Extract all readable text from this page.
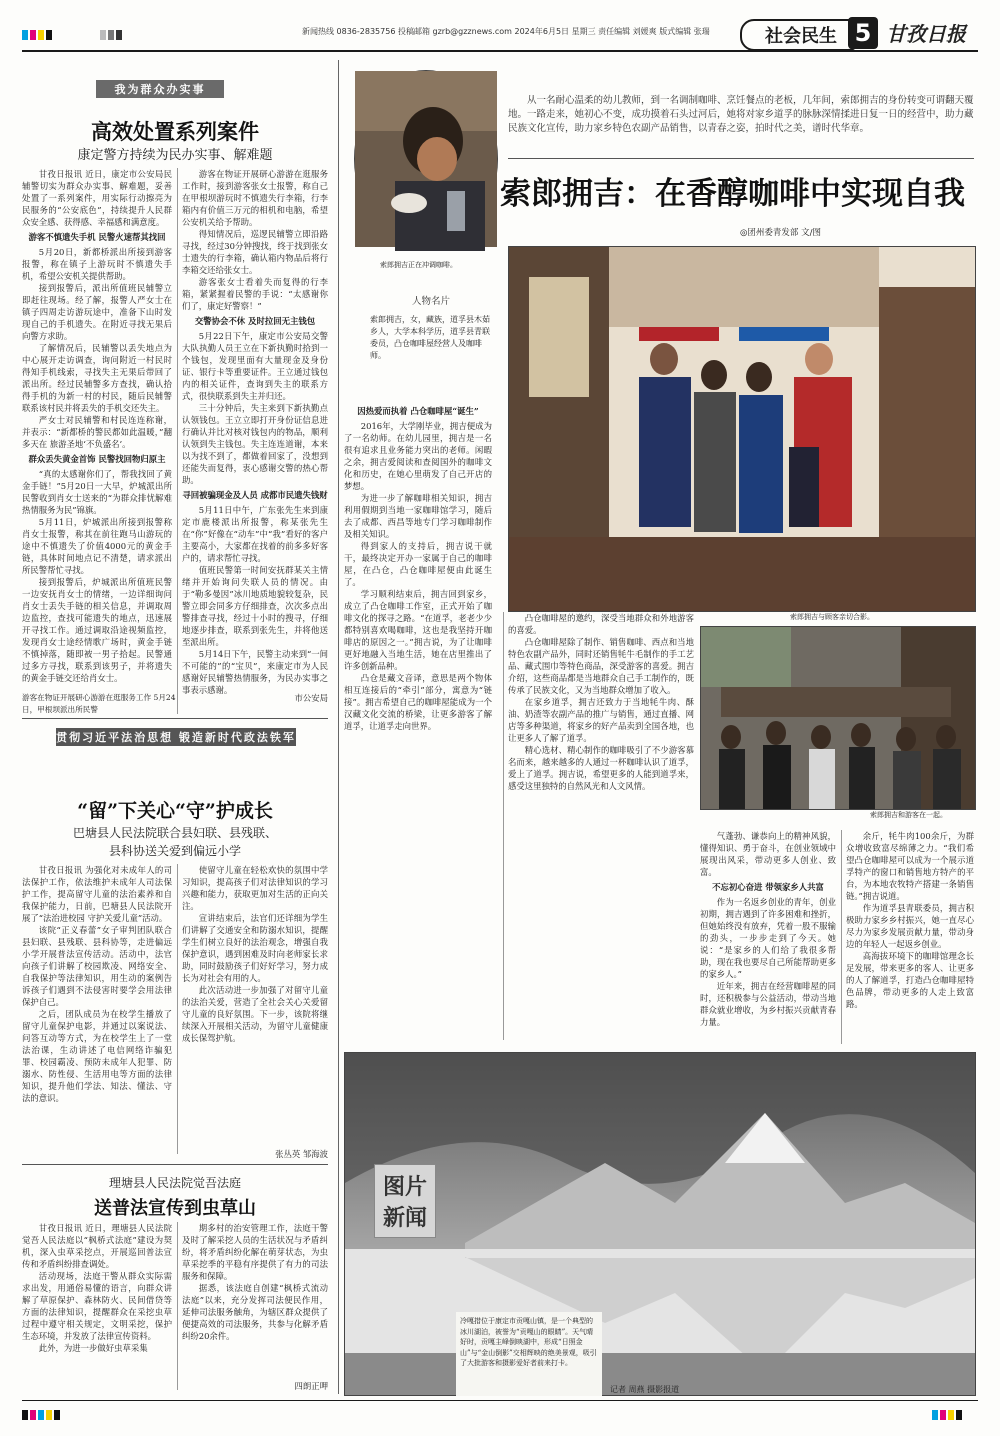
新闻热线 0836-2835756 投稿邮箱 gzrb@gzznews.com 2024年6月5日 星期三 责任编辑 刘媛爽 版式编辑 张瑞	社会民生 5 甘孜日报
我为群众办实事
高效处置系列案件
康定警方持续为民办实事、解难题

甘孜日报讯 近日，康定市公安局民辅警切实为群众办实事、解难题，妥善处置了一系列案件，用实际行动擦亮为民服务的“公安底色”，持续提升人民群众安全感、获得感、幸福感和满意度。

游客不慎遗失手机 民警火速帮其找回

5月20日，新都桥派出所接到游客报警，称在镇子上游玩时不慎遗失手机，希望公安机关提供帮助。

接到报警后，派出所值班民辅警立即赶往现场。经了解，报警人严女士在镇子四周走访游玩途中，准备下山时发现自己的手机遗失。在附近寻找无果后向警方求助。

了解情况后，民辅警以丢失地点为中心展开走访调查，询问附近一村民时得知手机线索，寻找失主无果后带回了派出所。经过民辅警多方查找，确认拾得手机的为新一村的村民，随后民辅警联系该村民并将丢失的手机交还失主。

严女士对民辅警和村民连连称谢，并表示：“新都桥的警民都如此温暖，”翻多天在 旅游圣地‘不负盛名’。

群众丢失黄金首饰 民警找回物归原主

“真的太感谢你们了，帮我找回了黄金手链！”5月20日一大早，炉城派出所民警收到肖女士送来的“为群众排忧解难 热情服务为民”锦旗。

5月11日，炉城派出所接到报警称肖女士报警，称其在前往跑马山游玩的途中不慎遗失了价值4000元的黄金手链，具体时间地点记不清楚，请求派出所民警帮忙寻找。

接到报警后，炉城派出所值班民警一边安抚肖女士的情绪，一边详细询问肖女士丢失手链的相关信息，并调取周边监控，查找可能遗失的地点，迅速展开寻找工作。通过调取沿途视频监控，发现肖女士途经情歌广场时，黄金手链不慎掉落，随即被一男子拾起。民警通过多方寻找，联系到该男子，并将遗失的黄金手链交还给肖女士。

游客在物证开展研心游游在逛服务工作时，接到游客张女士报警，称自己在甲根坝游玩时不慎遗失行李箱，行李箱内有价值三万元的相机和电脑，希望公安机关给予帮助。

得知情况后，巡逻民辅警立即沿路寻找，经过30分钟搜找，终于找到张女士遗失的行李箱，确认箱内物品后将行李箱交还给张女士。

游客张女士看着失而复得的行李箱，紧紧握着民警的手说：“太感谢你们了，康定好警察！”

交警协会不休 及时拉回无主钱包

5月22日下午，康定市公安局交警大队执勤人员王立在下新执勤时拾到一个钱包，发现里面有大量现金及身份证、银行卡等重要证件。王立通过钱包内的相关证件，查询到失主的联系方式，很快联系到失主并归还。

三十分钟后，失主来到下新执勤点认领钱包。王立立即打开身份证信息进行确认并比对核对钱包内的物品，顺利认领到失主钱包。失主连连道谢，本来以为找不到了，都做着回家了，没想到还能失而复得，衷心感谢交警的热心帮助。

寻回被骗现金及人员 成都市民遗失钱财

5月11日中午，广东张先生来到康定市鹿楼派出所报警，称某张先生在“你”好像在“动车”中“我”看好的客户主要高小，大家都在找着的前多多好客户的，请求帮忙寻找。

值班民警第一时间安抚群某关主情绪并开始询问失联人员的情况。由于“勒多曼因”冰川地质地貌较复杂，民警立即会同多方仔细排查，次次多点出警排查寻找，经过十小时的搜寻，仔细地逐步排查，联系到张先生，并将他送至派出所。

5月14日下午，民警主动来到“一间不可能的”的“宝贝”，来康定市为人民感谢好民辅警热情服务，为民办实事之事表示感谢。

游客在物证开展研心游游在逛服务工作 5月24日，甲根坝派出所民警

市公安局

贯彻习近平法治思想 锻造新时代政法铁军
“留”下关心“守”护成长
巴塘县人民法院联合县妇联、县残联、
县科协送关爱到偏远小学

甘孜日报讯 为强化对未成年人的司法保护工作，依法维护未成年人司法保护工作，提高留守儿童的法治素养和自我保护能力，日前，巴塘县人民法院开展了“法治进校园 守护关爱儿童”活动。

该院“正义春蕾”女子审判团队联合县妇联、县残联、县科协等，走进偏远小学开展普法宣传活动。活动中，法官向孩子们讲解了校园欺凌、网络安全、自我保护等法律知识，用生动的案例告诉孩子们遇到不法侵害时要学会用法律保护自己。

之后，团队成员为在校学生播放了留守儿童保护电影，并通过以案说法、问答互动等方式，为在校学生上了一堂法治课，生动讲述了电信网络诈骗犯罪、校园霸凌、预防未成年人犯罪、防溺水、防性侵、生活用电等方面的法律知识，提升他们学法、知法、懂法、守法的意识。

使留守儿童在轻松欢快的氛围中学习知识，提高孩子们对法律知识的学习兴趣和能力，获取更加对生活的正向关注。

宣讲结束后，法官们还详细为学生们讲解了交通安全和防溺水知识，提醒学生们树立良好的法治观念，增强自我保护意识，遇到困难及时向老师家长求助，同时鼓励孩子们好好学习，努力成长为对社会有用的人。

此次活动进一步加强了对留守儿童的法治关爱，营造了全社会关心关爱留守儿童的良好氛围。下一步，该院将继续深入开展相关活动，为留守儿童健康成长保驾护航。

张丛英 邹海波

理塘县人民法院觉吾法庭
送普法宣传到虫草山

甘孜日报讯 近日，理塘县人民法院觉吾人民法庭以“枫桥式法庭”建设为契机，深入虫草采挖点，开展巡回普法宣传和矛盾纠纷排查调处。

活动现场，法庭干警从群众实际需求出发，用通俗易懂的语言，向群众讲解了草原保护、森林防火、民间借贷等方面的法律知识，提醒群众在采挖虫草过程中遵守相关规定，文明采挖，保护生态环境，并发放了法律宣传资料。

此外，为进一步做好虫草采集

期多村的治安管理工作，法庭干警及时了解采挖人员的生活状况与矛盾纠纷，将矛盾纠纷化解在萌芽状态，为虫草采挖季的平稳有序提供了有力的司法服务和保障。

据悉，该法庭自创建“枫桥式流动法庭”以来，充分发挥司法便民作用，延伸司法服务触角，为辖区群众提供了便捷高效的司法服务，共参与化解矛盾纠纷20余件。

四朗正呷

索郎拥吉正在冲调咖啡。
从一名耐心温柔的幼儿教师，到一名调制咖啡、烹饪餐点的老板，几年间，索郎拥吉的身份转变可谓翻天覆地。一路走来，她初心不变，成功摸着石头过河后，她将对家乡道孚的脉脉深情揉进日复一日的经营中，助力藏民族文化宣传，助力家乡特色农副产品销售，以青春之姿，拍时代之美，谱时代华章。
索郎拥吉：在香醇咖啡中实现自我
◎团州委青发部 文/图
人物名片
索郎拥吉，女，藏族，道孚县木茹乡人，大学本科学历，道孚县青联委员，凸仓咖啡屋经营人及咖啡师。
索郎拥吉与顾客亲切合影。
索郎拥吉和游客在一起。

因热爱而执着 凸仓咖啡屋“诞生”

2016年，大学刚毕业，拥吉便成为了一名幼师。在幼儿园里，拥吉是一名很有追求且业务能力突出的老师。闲暇之余，拥吉爱阅读和查阅国外的咖啡文化和历史，在她心里萌发了自己开店的梦想。

为进一步了解咖啡相关知识，拥吉利用假期到当地一家咖啡馆学习，随后去了成都、西昌等地专门学习咖啡制作及相关知识。

得到家人的支持后，拥吉说干就干，最终决定开办一家属于自己的咖啡屋，在凸仓，凸仓咖啡屋便由此诞生了。

学习顺利结束后，拥吉回到家乡，成立了凸仓咖啡工作室，正式开始了咖啡文化的探寻之路。“在道孚，老老少少都特别喜欢喝咖啡，这也是我坚持开咖啡店的原因之一。”拥吉说，为了让咖啡更好地融入当地生活，她在店里推出了许多创新品种。

凸仓是藏文音译，意思是两个物体相互连接后的“牵引”部分，寓意为“链接”。拥吉希望自己的咖啡屋能成为一个汉藏文化交流的桥梁，让更多游客了解道孚，让道孚走向世界。

凸仓咖啡屋的邀约，深受当地群众和外地游客的喜爱。

凸仓咖啡屋除了制作、销售咖啡、西点和当地特色农副产品外，同时还销售牦牛毛制作的手工艺品、藏式围巾等特色商品，深受游客的喜爱。拥吉介绍，这些商品都是当地群众自己手工制作的，既传承了民族文化，又为当地群众增加了收入。

在家乡道孚，拥吉还致力于当地牦牛肉、酥油、奶渣等农副产品的推广与销售，通过直播、网店等多种渠道，将家乡的好产品卖到全国各地，也让更多人了解了道孚。

精心选材、精心制作的咖啡吸引了不少游客慕名而来，越来越多的人通过一杯咖啡认识了道孚，爱上了道孚。拥吉说，希望更多的人能到道孚来，感受这里独特的自然风光和人文风情。

气蓬勃、谦恭向上的精神风貌，懂得知识、勇于奋斗，在创业领域中展现出风采，带动更多人创业、致富。

不忘初心奋进 带领家乡人共富

作为一名返乡创业的青年，创业初期，拥吉遇到了许多困难和挫折，但她始终没有放弃，凭着一股不服输的劲头，一步步走到了今天。她说：“是家乡的人们给了我很多帮助，现在我也要尽自己所能帮助更多的家乡人。”

近年来，拥吉在经营咖啡屋的同时，还积极参与公益活动，带动当地群众就业增收，为乡村振兴贡献青春力量。

余斤，牦牛肉100余斤，为群众增收致富尽绵薄之力。“我们希望凸仓咖啡屋可以成为一个展示道孚特产的窗口和销售地方特产的平台，为本地农牧特产搭建一条销售链。”拥吉说道。

作为道孚县青联委员，拥吉积极助力家乡乡村振兴，她一直尽心尽力为家乡发展贡献力量，带动身边的年轻人一起返乡创业。

高海拔环境下的咖啡馆理念长足发展，带来更多的客人、让更多的人了解道孚，打造凸仓咖啡屋特色品牌，带动更多的人走上致富路。

图片
新闻
冷嘎措位于康定市贡嘎山镇，是一个典型的冰川湖泊，被誉为“贡嘎山的眼睛”。天气晴好时，贡嘎主峰倒映湖中，形成“日照金山”与“金山倒影”交相辉映的绝美景观，吸引了大批游客和摄影爱好者前来打卡。
记者 周燕 摄影报道
